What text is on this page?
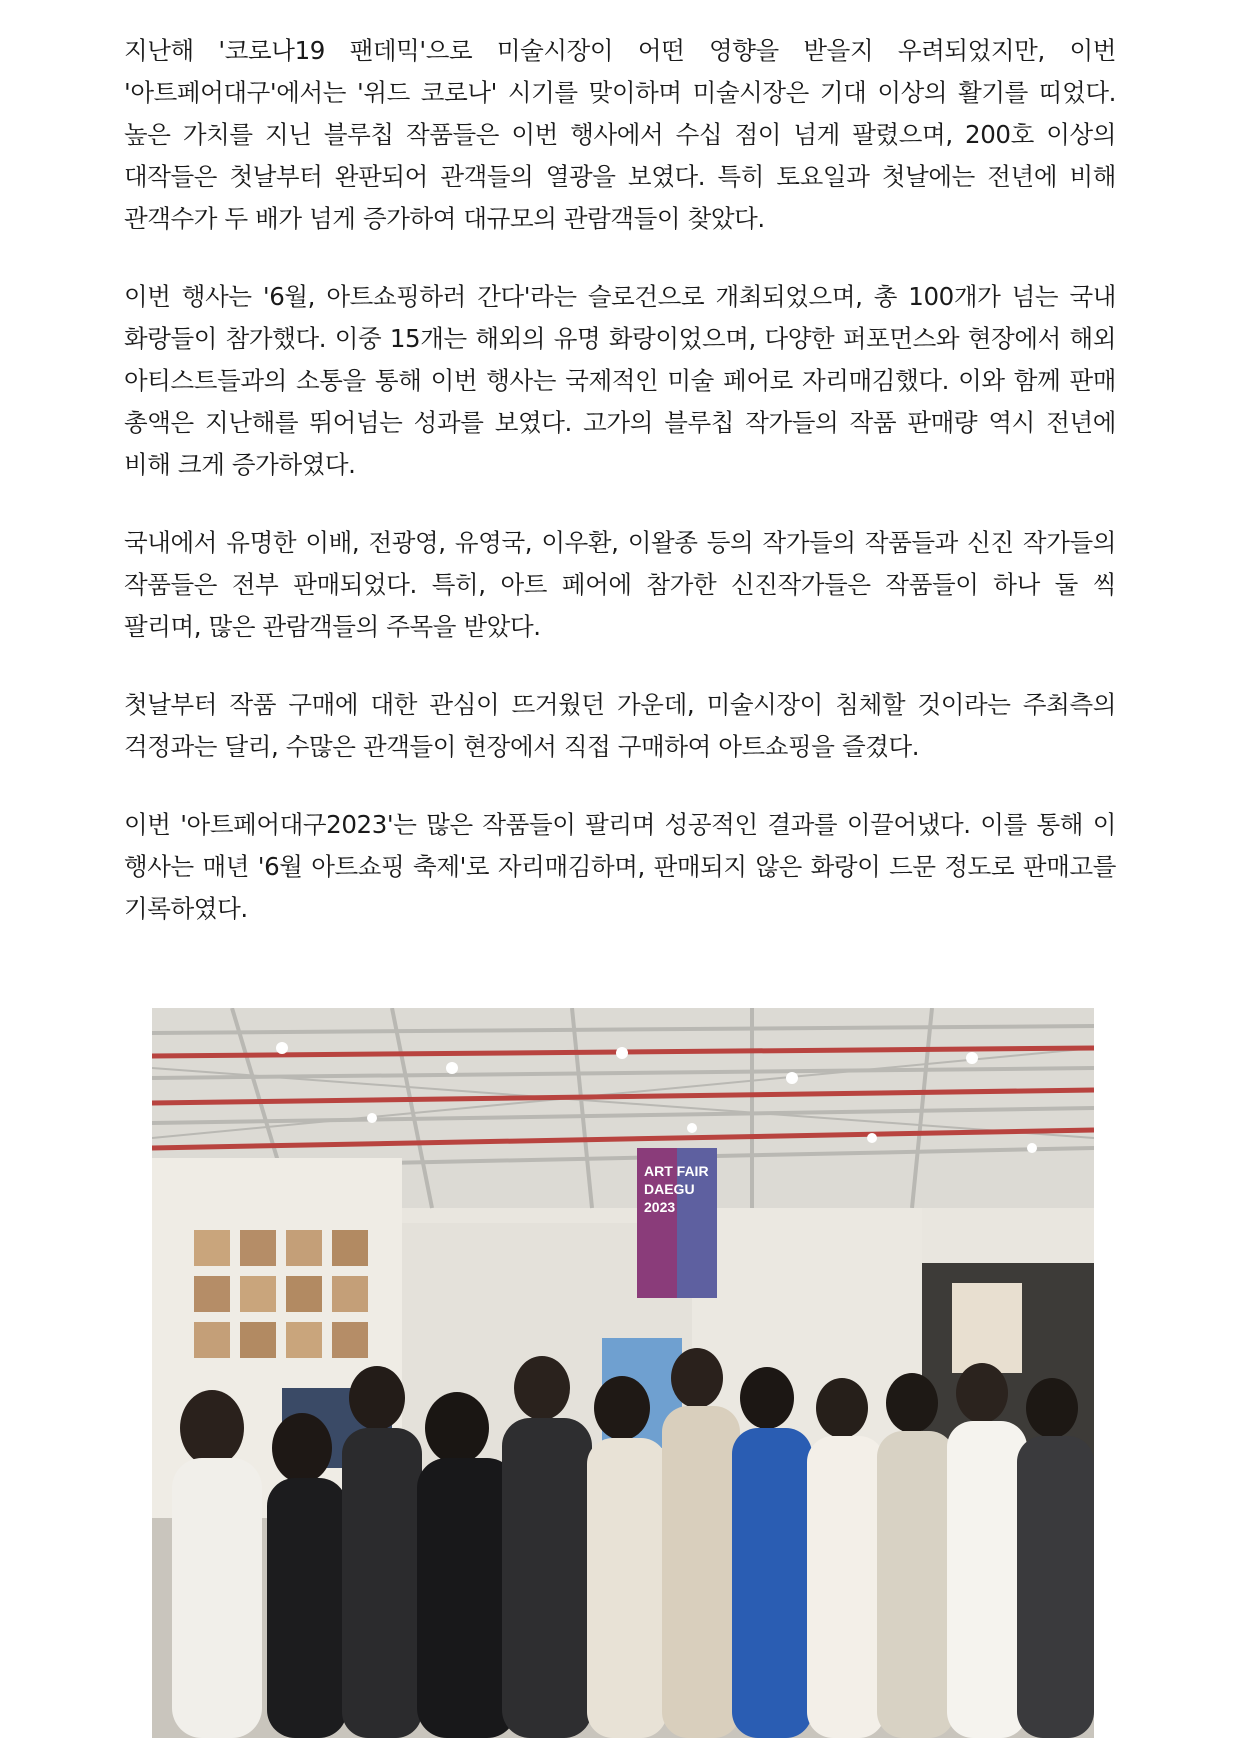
지난해 '코로나19 팬데믹'으로 미술시장이 어떤 영향을 받을지 우려되었지만, 이번 '아트페어대구'에서는 '위드 코로나' 시기를 맞이하며 미술시장은 기대 이상의 활기를 띠었다. 높은 가치를 지닌 블루칩 작품들은 이번 행사에서 수십 점이 넘게 팔렸으며, 200호 이상의 대작들은 첫날부터 완판되어 관객들의 열광을 보였다. 특히 토요일과 첫날에는 전년에 비해 관객수가 두 배가 넘게 증가하여 대규모의 관람객들이 찾았다.

이번 행사는 '6월, 아트쇼핑하러 간다'라는 슬로건으로 개최되었으며, 총 100개가 넘는 국내 화랑들이 참가했다. 이중 15개는 해외의 유명 화랑이었으며, 다양한 퍼포먼스와 현장에서 해외 아티스트들과의 소통을 통해 이번 행사는 국제적인 미술 페어로 자리매김했다. 이와 함께 판매 총액은 지난해를 뛰어넘는 성과를 보였다. 고가의 블루칩 작가들의 작품 판매량 역시 전년에 비해 크게 증가하였다.

국내에서 유명한 이배, 전광영, 유영국, 이우환, 이왈종 등의 작가들의 작품들과 신진 작가들의 작품들은 전부 판매되었다. 특히, 아트 페어에 참가한 신진작가들은 작품들이 하나 둘 씩 팔리며, 많은 관람객들의 주목을 받았다.

첫날부터 작품 구매에 대한 관심이 뜨거웠던 가운데, 미술시장이 침체할 것이라는 주최측의 걱정과는 달리, 수많은 관객들이 현장에서 직접 구매하여 아트쇼핑을 즐겼다.

이번 '아트페어대구2023'는 많은 작품들이 팔리며 성공적인 결과를 이끌어냈다. 이를 통해 이 행사는 매년 '6월 아트쇼핑 축제'로 자리매김하며, 판매되지 않은 화랑이 드문 정도로 판매고를 기록하였다.

ART FAIR
DAEGU
2023
